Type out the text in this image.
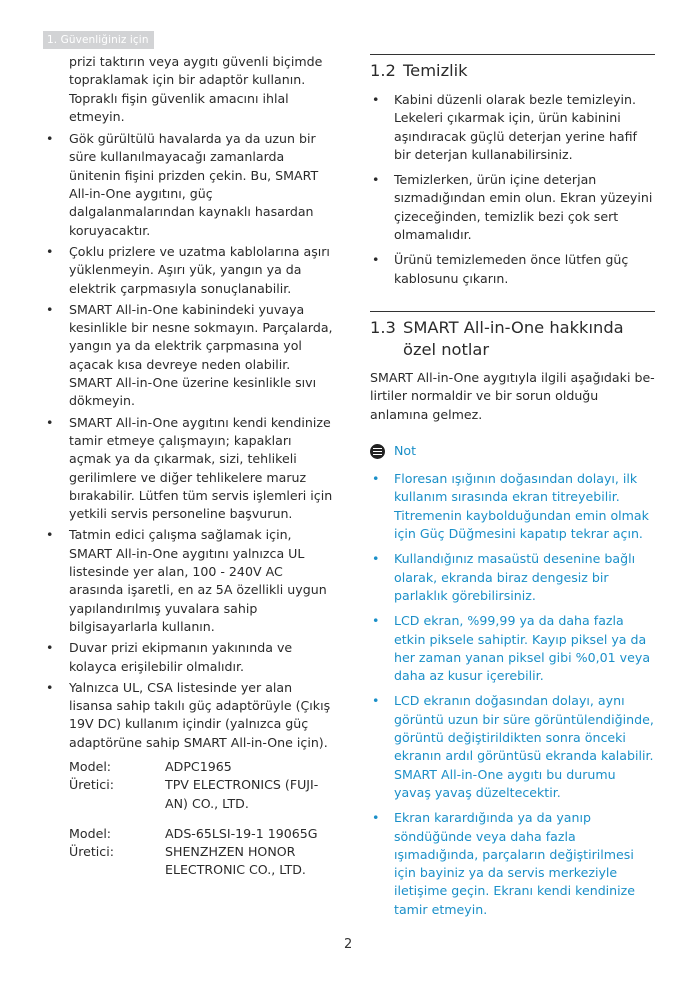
1. Güvenliğiniz için

prizi taktırın veya aygıtı güvenli biçimde topraklamak için bir adaptör kullanın. Topraklı fişin güvenlik amacını ihlal etmeyin.

• Gök gürültülü havalarda ya da uzun bir süre kullanılmayacağı zamanlarda ünitenin fişini prizden çekin. Bu, SMART All-in-One aygıtını, güç dalgalanmalarından kaynaklı hasardan koruyacaktır.
• Çoklu prizlere ve uzatma kablolarına aşırı yüklenmeyin. Aşırı yük, yangın ya da elektrik çarpmasıyla sonuçlanabilir.
• SMART All-in-One kabinindeki yuvaya kesinlikle bir nesne sokmayın. Parçalarda, yangın ya da elektrik çarpmasına yol açacak kısa devreye neden olabilir. SMART All-in-One üzerine kesinlikle sıvı dökmeyin.
• SMART All-in-One aygıtını kendi kendinize tamir etmeye çalışmayın; kapakları açmak ya da çıkarmak, sizi, tehlikeli gerilimlere ve diğer tehlikelere maruz bırakabilir. Lütfen tüm servis işlemleri için yetkili servis personeline başvurun.
• Tatmin edici çalışma sağlamak için, SMART All-in-One aygıtını yalnızca UL listesinde yer alan, 100 - 240V AC arasında işaretli, en az 5A özellikli uygun yapılandırılmış yuvalara sahip bilgisayarlarla kullanın.
• Duvar prizi ekipmanın yakınında ve kolayca erişilebilir olmalıdır.
• Yalnızca UL, CSA listesinde yer alan lisansa sahip takılı güç adaptörüyle (Çıkış 19V DC) kullanım içindir (yalnızca güç adaptörüne sahip SMART All-in-One için).
Model:	ADPC1965
Üretici:	TPV ELECTRONICS (FUJI-AN) CO., LTD.
Model:	ADS-65LSI-19-1 19065G
Üretici:	SHENZHZEN HONOR ELECTRONIC CO., LTD.
1.2 Temizlik
• Kabini düzenli olarak bezle temizleyin. Lekeleri çıkarmak için, ürün kabinini aşındıracak güçlü deterjan yerine hafif bir deterjan kullanabilirsiniz.
• Temizlerken, ürün içine deterjan sızmadığından emin olun. Ekran yüzeyini çizeceğinden, temizlik bezi çok sert olmamalıdır.
• Ürünü temizlemeden önce lütfen güç kablosunu çıkarın.
1.3 SMART All-in-One hakkında özel notlar

SMART All-in-One aygıtıyla ilgili aşağıdaki be-lirtiler normaldir ve bir sorun olduğu anlamına gelmez.

Not
• Floresan ışığının doğasından dolayı, ilk kullanım sırasında ekran titreyebilir. Titremenin kaybolduğundan emin olmak için Güç Düğmesini kapatıp tekrar açın.
• Kullandığınız masaüstü desenine bağlı olarak, ekranda biraz dengesiz bir parlaklık görebilirsiniz.
• LCD ekran, %99,99 ya da daha fazla etkin piksele sahiptir. Kayıp piksel ya da her zaman yanan piksel gibi %0,01 veya daha az kusur içerebilir.
• LCD ekranın doğasından dolayı, aynı görüntü uzun bir süre görüntülendiğinde, görüntü değiştirildikten sonra önceki ekranın ardıl görüntüsü ekranda kalabilir. SMART All-in-One aygıtı bu durumu yavaş yavaş düzeltecektir.
• Ekran karardığında ya da yanıp söndüğünde veya daha fazla ışımadığında, parçaların değiştirilmesi için bayiniz ya da servis merkeziyle iletişime geçin. Ekranı kendi kendinize tamir etmeyin.
2
